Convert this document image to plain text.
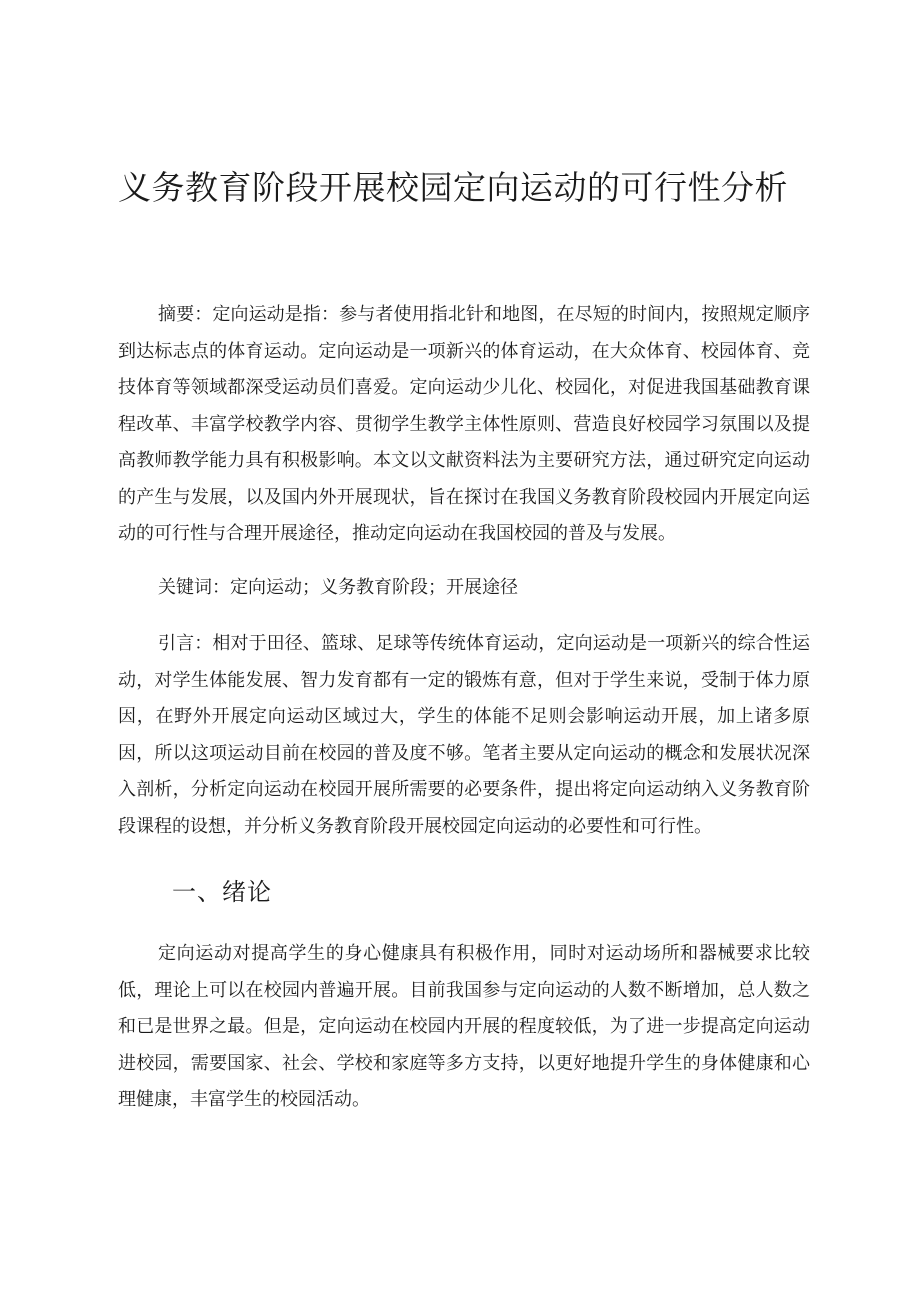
义务教育阶段开展校园定向运动的可行性分析

摘要：定向运动是指：参与者使用指北针和地图，在尽短的时间内，按照规定顺序到达标志点的体育运动。定向运动是一项新兴的体育运动，在大众体育、校园体育、竞技体育等领域都深受运动员们喜爱。定向运动少儿化、校园化，对促进我国基础教育课程改革、丰富学校教学内容、贯彻学生教学主体性原则、营造良好校园学习氛围以及提高教师教学能力具有积极影响。本文以文献资料法为主要研究方法，通过研究定向运动的产生与发展，以及国内外开展现状，旨在探讨在我国义务教育阶段校园内开展定向运动的可行性与合理开展途径，推动定向运动在我国校园的普及与发展。

关键词：定向运动；义务教育阶段；开展途径

引言：相对于田径、篮球、足球等传统体育运动，定向运动是一项新兴的综合性运动，对学生体能发展、智力发育都有一定的锻炼有意，但对于学生来说，受制于体力原因，在野外开展定向运动区域过大，学生的体能不足则会影响运动开展，加上诸多原因，所以这项运动目前在校园的普及度不够。笔者主要从定向运动的概念和发展状况深入剖析，分析定向运动在校园开展所需要的必要条件，提出将定向运动纳入义务教育阶段课程的设想，并分析义务教育阶段开展校园定向运动的必要性和可行性。

一、绪论

定向运动对提高学生的身心健康具有积极作用，同时对运动场所和器械要求比较低，理论上可以在校园内普遍开展。目前我国参与定向运动的人数不断增加，总人数之和已是世界之最。但是，定向运动在校园内开展的程度较低，为了进一步提高定向运动进校园，需要国家、社会、学校和家庭等多方支持，以更好地提升学生的身体健康和心理健康，丰富学生的校园活动。
